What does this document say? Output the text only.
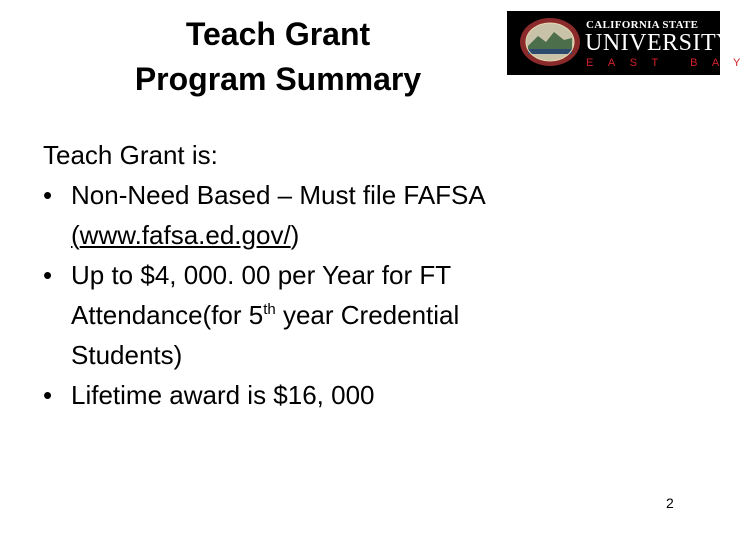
Teach Grant
Program Summary
CALIFORNIA STATE
UNIVERSITY
EAST BAY
Teach Grant is:
• Non-Need Based – Must file FAFSA
(www.fafsa.ed.gov/)
• Up to $4, 000. 00 per Year for FT
Attendance(for 5th year Credential
Students)
• Lifetime award is $16, 000
2
